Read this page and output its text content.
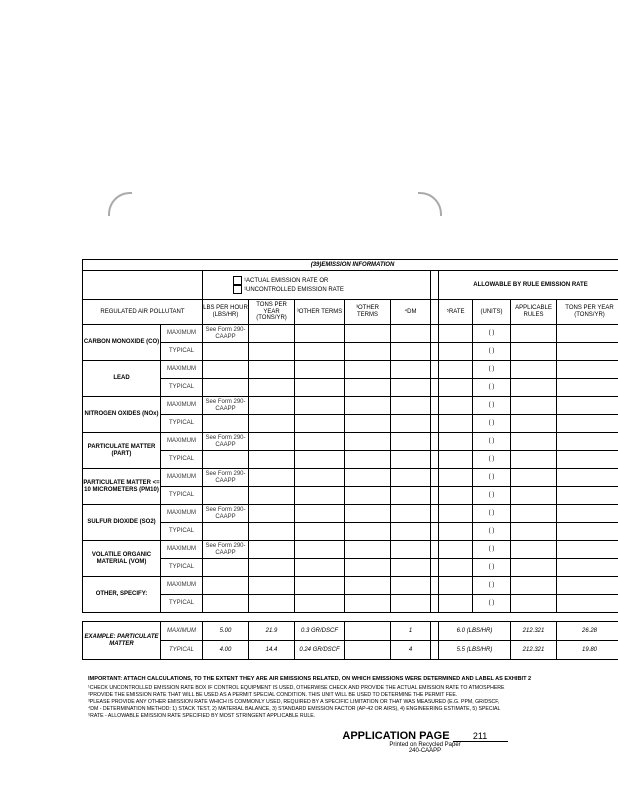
(39)EMISSION INFORMATION											

		¹ACTUAL EMISSION RATE OR
¹UNCONTROLLED EMISSION RATE						ALLOWABLE BY RULE EMISSION RATE			
REGULATED AIR POLLUTANT		LBS PER HOUR (LBS/HR)	TONS PER YEAR (TONS/YR)	³OTHER TERMS	³OTHER TERMS	⁴DM		⁵RATE	(UNITS)	APPLICABLE RULES	TONS PER YEAR (TONS/YR)
CARBON MONOXIDE (CO)	MAXIMUM	See Form 290-CAAPP							( )		
	TYPICAL								( )		
LEAD	MAXIMUM								( )		
	TYPICAL								( )		
NITROGEN OXIDES (NOx)	MAXIMUM	See Form 290-CAAPP							( )		
	TYPICAL								( )		
PARTICULATE MATTER (PART)	MAXIMUM	See Form 290-CAAPP							( )		
	TYPICAL								( )		
PARTICULATE MATTER <= 10 MICROMETERS (PM10)	MAXIMUM	See Form 290-CAAPP							( )		
	TYPICAL								( )		
SULFUR DIOXIDE (SO2)	MAXIMUM	See Form 290-CAAPP							( )		
	TYPICAL								( )		
VOLATILE ORGANIC MATERIAL (VOM)	MAXIMUM	See Form 290-CAAPP							( )		
	TYPICAL								( )		
OTHER, SPECIFY:	MAXIMUM								( )		
	TYPICAL								( )		
EXAMPLE: PARTICULATE MATTER	MAXIMUM	5.00	21.9	0.3 GR/DSCF		1		6.0 (LBS/HR)	212.321	26.28
	TYPICAL	4.00	14.4	0.24 GR/DSCF		4		5.5 (LBS/HR)	212.321	19.80
IMPORTANT: ATTACH CALCULATIONS, TO THE EXTENT THEY ARE AIR EMISSIONS RELATED, ON WHICH EMISSIONS WERE DETERMINED AND LABEL AS EXHIBIT 2
¹CHECK UNCONTROLLED EMISSION RATE BOX IF CONTROL EQUIPMENT IS USED, OTHERWISE CHECK AND PROVIDE THE ACTUAL EMISSION RATE TO ATMOSPHERE
²PROVIDE THE EMISSION RATE THAT WILL BE USED AS A PERMIT SPECIAL CONDITION. THIS UNIT WILL BE USED TO DETERMINE THE PERMIT FEE.
³PLEASE PROVIDE ANY OTHER EMISSION RATE WHICH IS COMMONLY USED, REQUIRED BY A SPECIFIC LIMITATION OR THAT WAS MEASURED (E.G. PPM, GR/DSCF,
⁴DM - DETERMINATION METHOD: 1) STACK TEST, 2) MATERIAL BALANCE, 3) STANDARD EMISSION FACTOR (AP-42 OR AIRS), 4) ENGINEERING ESTIMATE, 5) SPECIAL
⁵RATE - ALLOWABLE EMISSION RATE SPECIFIED BY MOST STRINGENT APPLICABLE RULE.
APPLICATION PAGE	211
Printed on Recycled Paper
240-CAAPP
